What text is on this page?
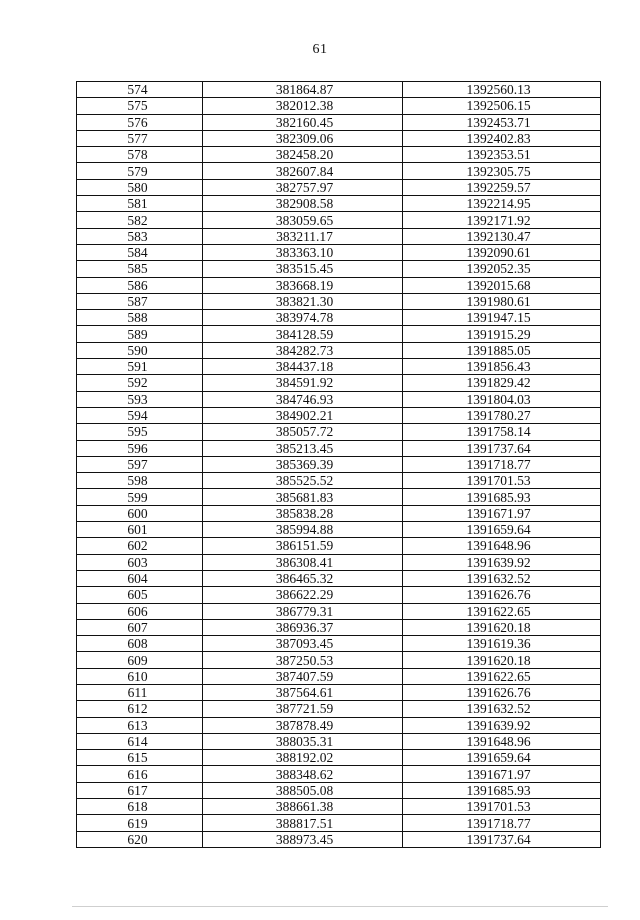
61
574	381864.87	1392560.13
575	382012.38	1392506.15
576	382160.45	1392453.71
577	382309.06	1392402.83
578	382458.20	1392353.51
579	382607.84	1392305.75
580	382757.97	1392259.57
581	382908.58	1392214.95
582	383059.65	1392171.92
583	383211.17	1392130.47
584	383363.10	1392090.61
585	383515.45	1392052.35
586	383668.19	1392015.68
587	383821.30	1391980.61
588	383974.78	1391947.15
589	384128.59	1391915.29
590	384282.73	1391885.05
591	384437.18	1391856.43
592	384591.92	1391829.42
593	384746.93	1391804.03
594	384902.21	1391780.27
595	385057.72	1391758.14
596	385213.45	1391737.64
597	385369.39	1391718.77
598	385525.52	1391701.53
599	385681.83	1391685.93
600	385838.28	1391671.97
601	385994.88	1391659.64
602	386151.59	1391648.96
603	386308.41	1391639.92
604	386465.32	1391632.52
605	386622.29	1391626.76
606	386779.31	1391622.65
607	386936.37	1391620.18
608	387093.45	1391619.36
609	387250.53	1391620.18
610	387407.59	1391622.65
611	387564.61	1391626.76
612	387721.59	1391632.52
613	387878.49	1391639.92
614	388035.31	1391648.96
615	388192.02	1391659.64
616	388348.62	1391671.97
617	388505.08	1391685.93
618	388661.38	1391701.53
619	388817.51	1391718.77
620	388973.45	1391737.64
